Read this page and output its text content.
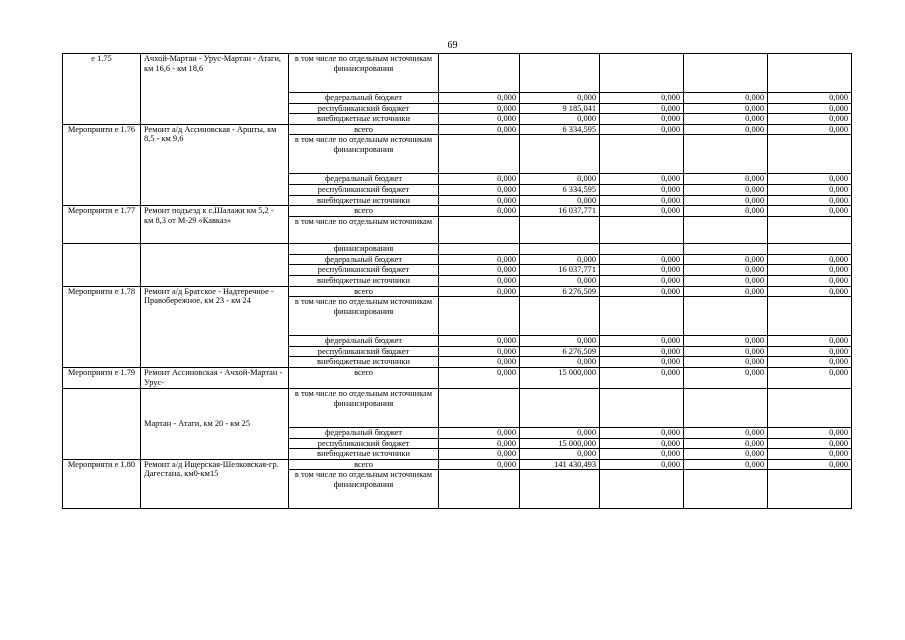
69
е 1.75	Ачхой-Мартан - Урус-Мартан - Атаги, км 16,6 - км 18,6	в том числе по отдельным источникам финансирования					
		федеральный бюджет	0,000	0,000	0,000	0,000	0,000
		республиканский бюджет	0,000	9 185,041	0,000	0,000	0,000
		внебюджетные источники	0,000	0,000	0,000	0,000	0,000
Мероприяти е 1.76	Ремонт а/д Ассиновская - Аршты, км 8,5 - км 9,6	всего	0,000	6 334,595	0,000	0,000	0,000
		в том числе по отдельным источникам финансирования					
		федеральный бюджет	0,000	0,000	0,000	0,000	0,000
		республиканский бюджет	0,000	6 334,595	0,000	0,000	0,000
		внебюджетные источники	0,000	0,000	0,000	0,000	0,000
Мероприяти е 1.77	Ремонт подъезд к с.Шалажи км 5,2 - км 8,3 от М-29 «Кавказ»	всего	0,000	16 037,771	0,000	0,000	0,000
		в том числе по отдельным источникам					
		финансирования					
		федеральный бюджет	0,000	0,000	0,000	0,000	0,000
		республиканский бюджет	0,000	16 037,771	0,000	0,000	0,000
		внебюджетные источники	0,000	0,000	0,000	0,000	0,000
Мероприяти е 1.78	Ремонт а/д Братское - Надтеречное - Правобережное, км 23 - км 24	всего	0,000	6 276,509	0,000	0,000	0,000
		в том числе по отдельным источникам финансирования					
		федеральный бюджет	0,000	0,000	0,000	0,000	0,000
		республиканский бюджет	0,000	6 276,509	0,000	0,000	0,000
		внебюджетные источники	0,000	0,000	0,000	0,000	0,000
Мероприяти е 1.79	Ремонт Ассиновская - Ачхой-Мартан - Урус-	всего	0,000	15 000,000	0,000	0,000	0,000
	Мартан - Атаги, км 20 - км 25	в том числе по отдельным источникам финансирования					
		федеральный бюджет	0,000	0,000	0,000	0,000	0,000
		республиканский бюджет	0,000	15 000,000	0,000	0,000	0,000
		внебюджетные источники	0,000	0,000	0,000	0,000	0,000
Мероприяти е 1.80	Ремонт а/д Ищерская-Шелковская-гр. Дагестана, км0-км15	всего	0,000	141 430,493	0,000	0,000	0,000
		в том числе по отдельным источникам финансирования					
